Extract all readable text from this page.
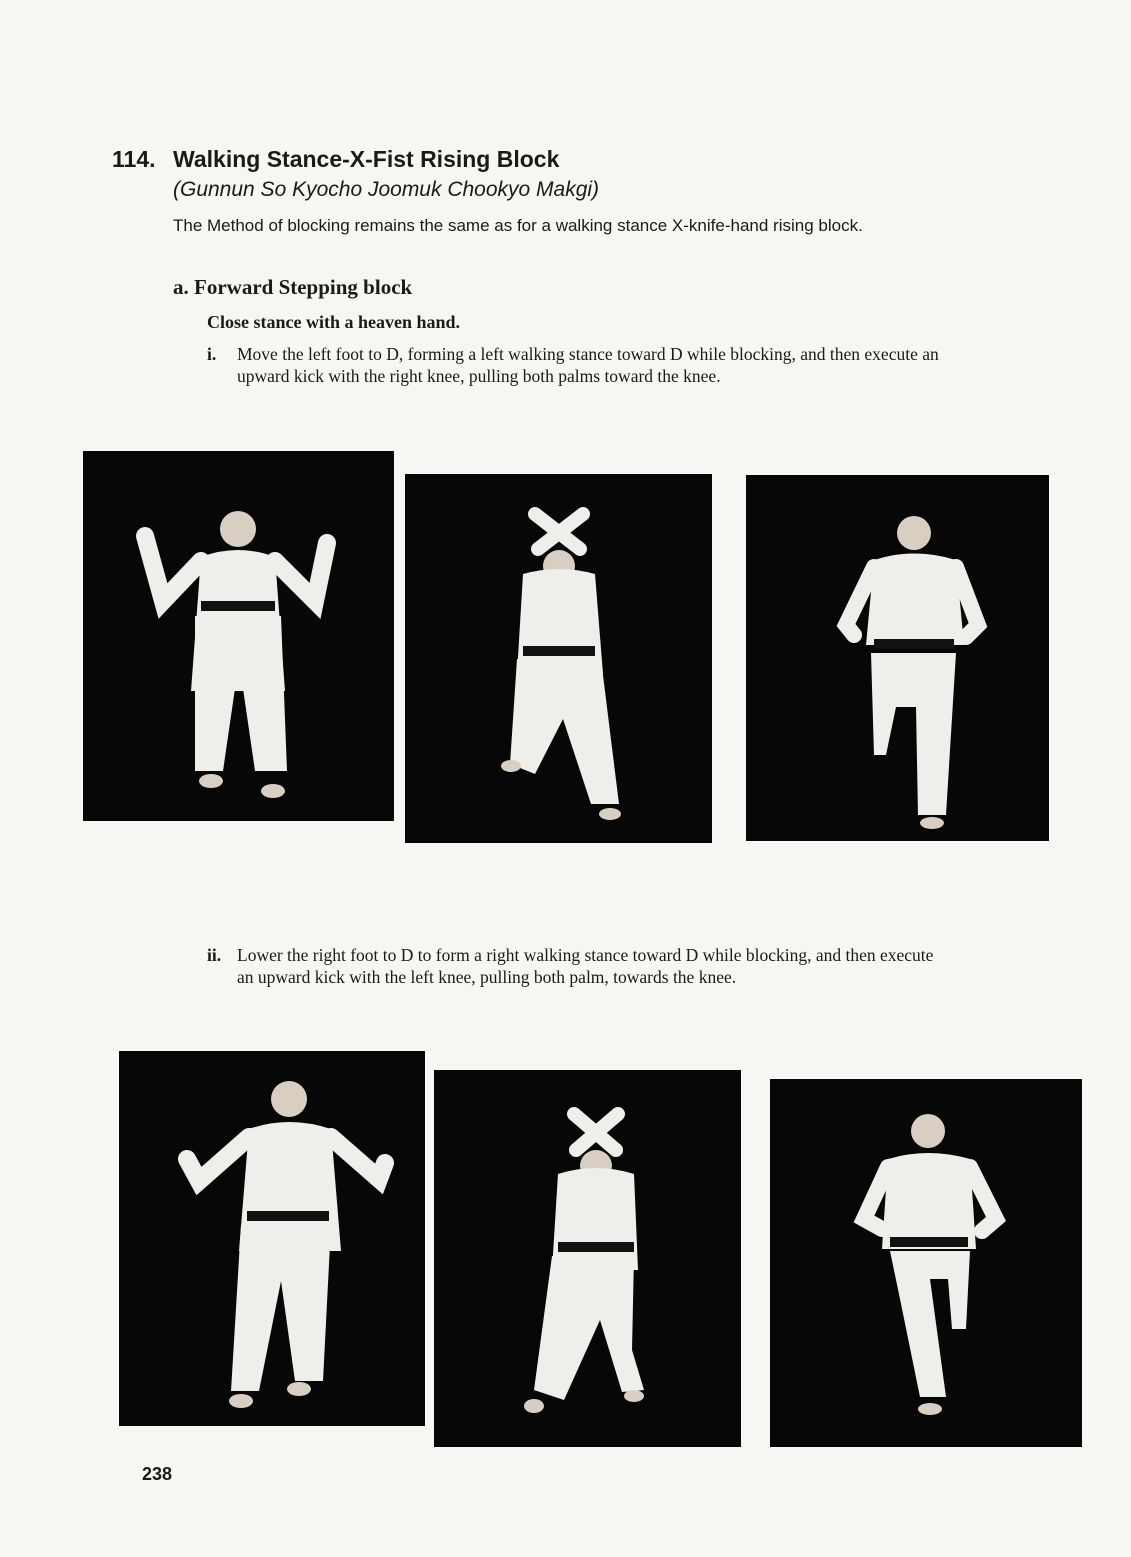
114. Walking Stance-X-Fist Rising Block
(Gunnun So Kyocho Joomuk Chookyo Makgi)
The Method of blocking remains the same as for a walking stance X-knife-hand rising block.
a. Forward Stepping block
Close stance with a heaven hand.
i. Move the left foot to D, forming a left walking stance toward D while blocking, and then execute an upward kick with the right knee, pulling both palms toward the knee.
ii. Lower the right foot to D to form a right walking stance toward D while blocking, and then execute an upward kick with the left knee, pulling both palm, towards the knee.
238
